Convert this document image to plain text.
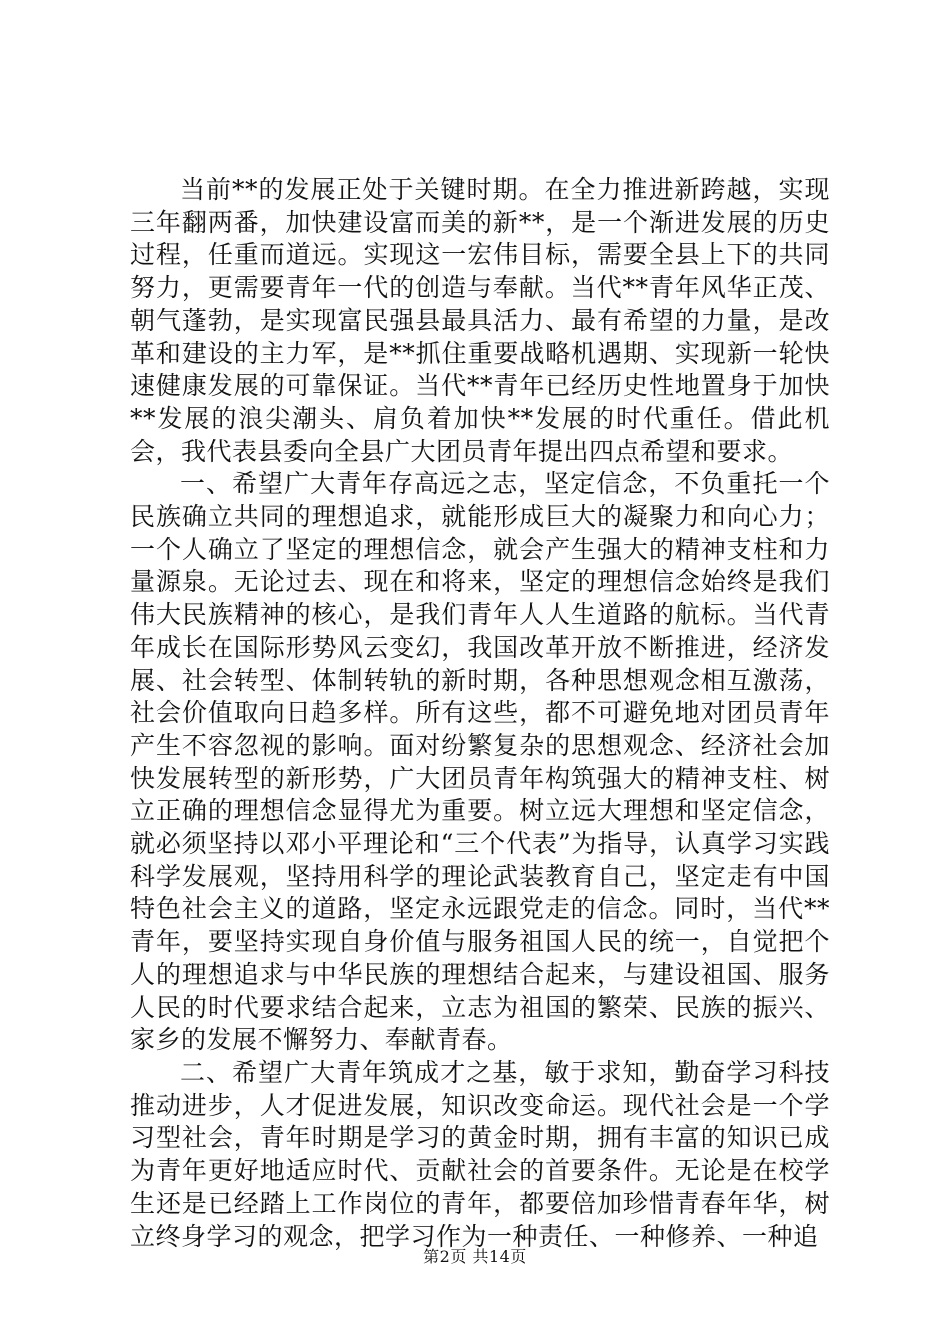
当前**的发展正处于关键时期。在全力推进新跨越，实现三年翻两番，加快建设富而美的新**，是一个渐进发展的历史过程，任重而道远。实现这一宏伟目标，需要全县上下的共同努力，更需要青年一代的创造与奉献。当代**青年风华正茂、朝气蓬勃，是实现富民强县最具活力、最有希望的力量，是改革和建设的主力军，是**抓住重要战略机遇期、实现新一轮快速健康发展的可靠保证。当代**青年已经历史性地置身于加快**发展的浪尖潮头、肩负着加快**发展的时代重任。借此机会，我代表县委向全县广大团员青年提出四点希望和要求。

一、希望广大青年存高远之志，坚定信念，不负重托一个民族确立共同的理想追求，就能形成巨大的凝聚力和向心力；一个人确立了坚定的理想信念，就会产生强大的精神支柱和力量源泉。无论过去、现在和将来，坚定的理想信念始终是我们伟大民族精神的核心，是我们青年人人生道路的航标。当代青年成长在国际形势风云变幻，我国改革开放不断推进，经济发展、社会转型、体制转轨的新时期，各种思想观念相互激荡，社会价值取向日趋多样。所有这些，都不可避免地对团员青年产生不容忽视的影响。面对纷繁复杂的思想观念、经济社会加快发展转型的新形势，广大团员青年构筑强大的精神支柱、树立正确的理想信念显得尤为重要。树立远大理想和坚定信念，就必须坚持以邓小平理论和“三个代表”为指导，认真学习实践科学发展观，坚持用科学的理论武装教育自己，坚定走有中国特色社会主义的道路，坚定永远跟党走的信念。同时，当代**青年，要坚持实现自身价值与服务祖国人民的统一，自觉把个人的理想追求与中华民族的理想结合起来，与建设祖国、服务人民的时代要求结合起来，立志为祖国的繁荣、民族的振兴、家乡的发展不懈努力、奉献青春。

二、希望广大青年筑成才之基，敏于求知，勤奋学习科技推动进步，人才促进发展，知识改变命运。现代社会是一个学习型社会，青年时期是学习的黄金时期，拥有丰富的知识已成为青年更好地适应时代、贡献社会的首要条件。无论是在校学生还是已经踏上工作岗位的青年，都要倍加珍惜青春年华，树立终身学习的观念，把学习作为一种责任、一种修养、一种追

第2页 共14页
